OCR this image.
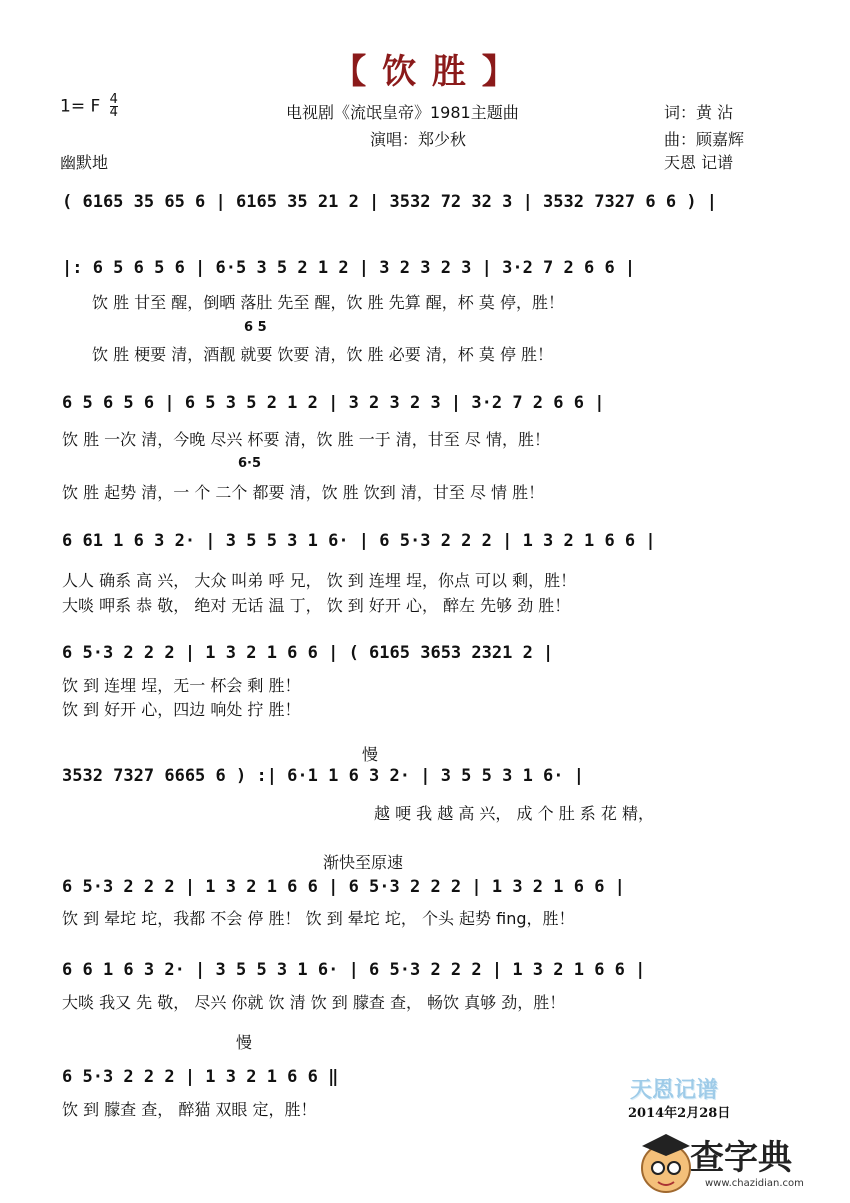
【 饮 胜 】
1= F $\frac{4}{4}$
幽默地
电视剧《流氓皇帝》1981主题曲
演唱：郑少秋
词：黄 沾
曲：顾嘉辉
天恩 记谱
( 6165 35 65 6 | 6165 35 21 2 | 3532 72 32 3 | 3532 7327 6 6 ) |
|: 6 5 6 5 6 | 6·5 3 5 2 1 2 | 3 2 3 2 3 | 3·2 7 2 6 6 |
饮 胜 甘至 醒，倒晒 落肚 先至 醒，饮 胜 先算 醒，杯 莫 停，胜！
6 5
饮 胜 梗要 清，酒靓 就要 饮要 清，饮 胜 必要 清，杯 莫 停 胜！
6 5 6 5 6 | 6 5 3 5 2 1 2 | 3 2 3 2 3 | 3·2 7 2 6 6 |
饮 胜 一次 清，今晚 尽兴 杯要 清，饮 胜 一于 清，甘至 尽 情，胜！
6·5
饮 胜 起势 清，一 个 二个 都要 清，饮 胜 饮到 清，甘至 尽 情 胜！
6 61 1 6 3 2· | 3 5 5 3 1 6· | 6 5·3 2 2 2 | 1 3 2 1 6 6 |
人人 确系 高 兴， 大众 叫弟 呼 兄， 饮 到 连埋 埕，你点 可以 剩，胜！
大啖 呷系 恭 敬， 绝对 无话 温 丁， 饮 到 好开 心， 醉左 先够 劲 胜！
6 5·3 2 2 2 | 1 3 2 1 6 6 | ( 6165 3653 2321 2 |
饮 到 连埋 埕，无一 杯会 剩 胜！
饮 到 好开 心，四边 响处 拧 胜！
慢
3532 7327 6665 6 ) :| 6·1 1 6 3 2· | 3 5 5 3 1 6· |
越 哽 我 越 高 兴， 成 个 肚 系 花 精，
渐快至原速
6 5·3 2 2 2 | 1 3 2 1 6 6 | 6 5·3 2 2 2 | 1 3 2 1 6 6 |
饮 到 晕坨 坨，我都 不会 停 胜！ 饮 到 晕坨 坨， 个头 起势 fing，胜！
6 6 1 6 3 2· | 3 5 5 3 1 6· | 6 5·3 2 2 2 | 1 3 2 1 6 6 |
大啖 我又 先 敬， 尽兴 你就 饮 清 饮 到 朦查 查， 畅饮 真够 劲，胜！
慢
6 5·3 2 2 2 | 1 3 2 1 6 6 ‖
饮 到 朦查 查， 醉猫 双眼 定，胜！
天恩记谱
2014年2月28日
查字典
www.chazidian.com
